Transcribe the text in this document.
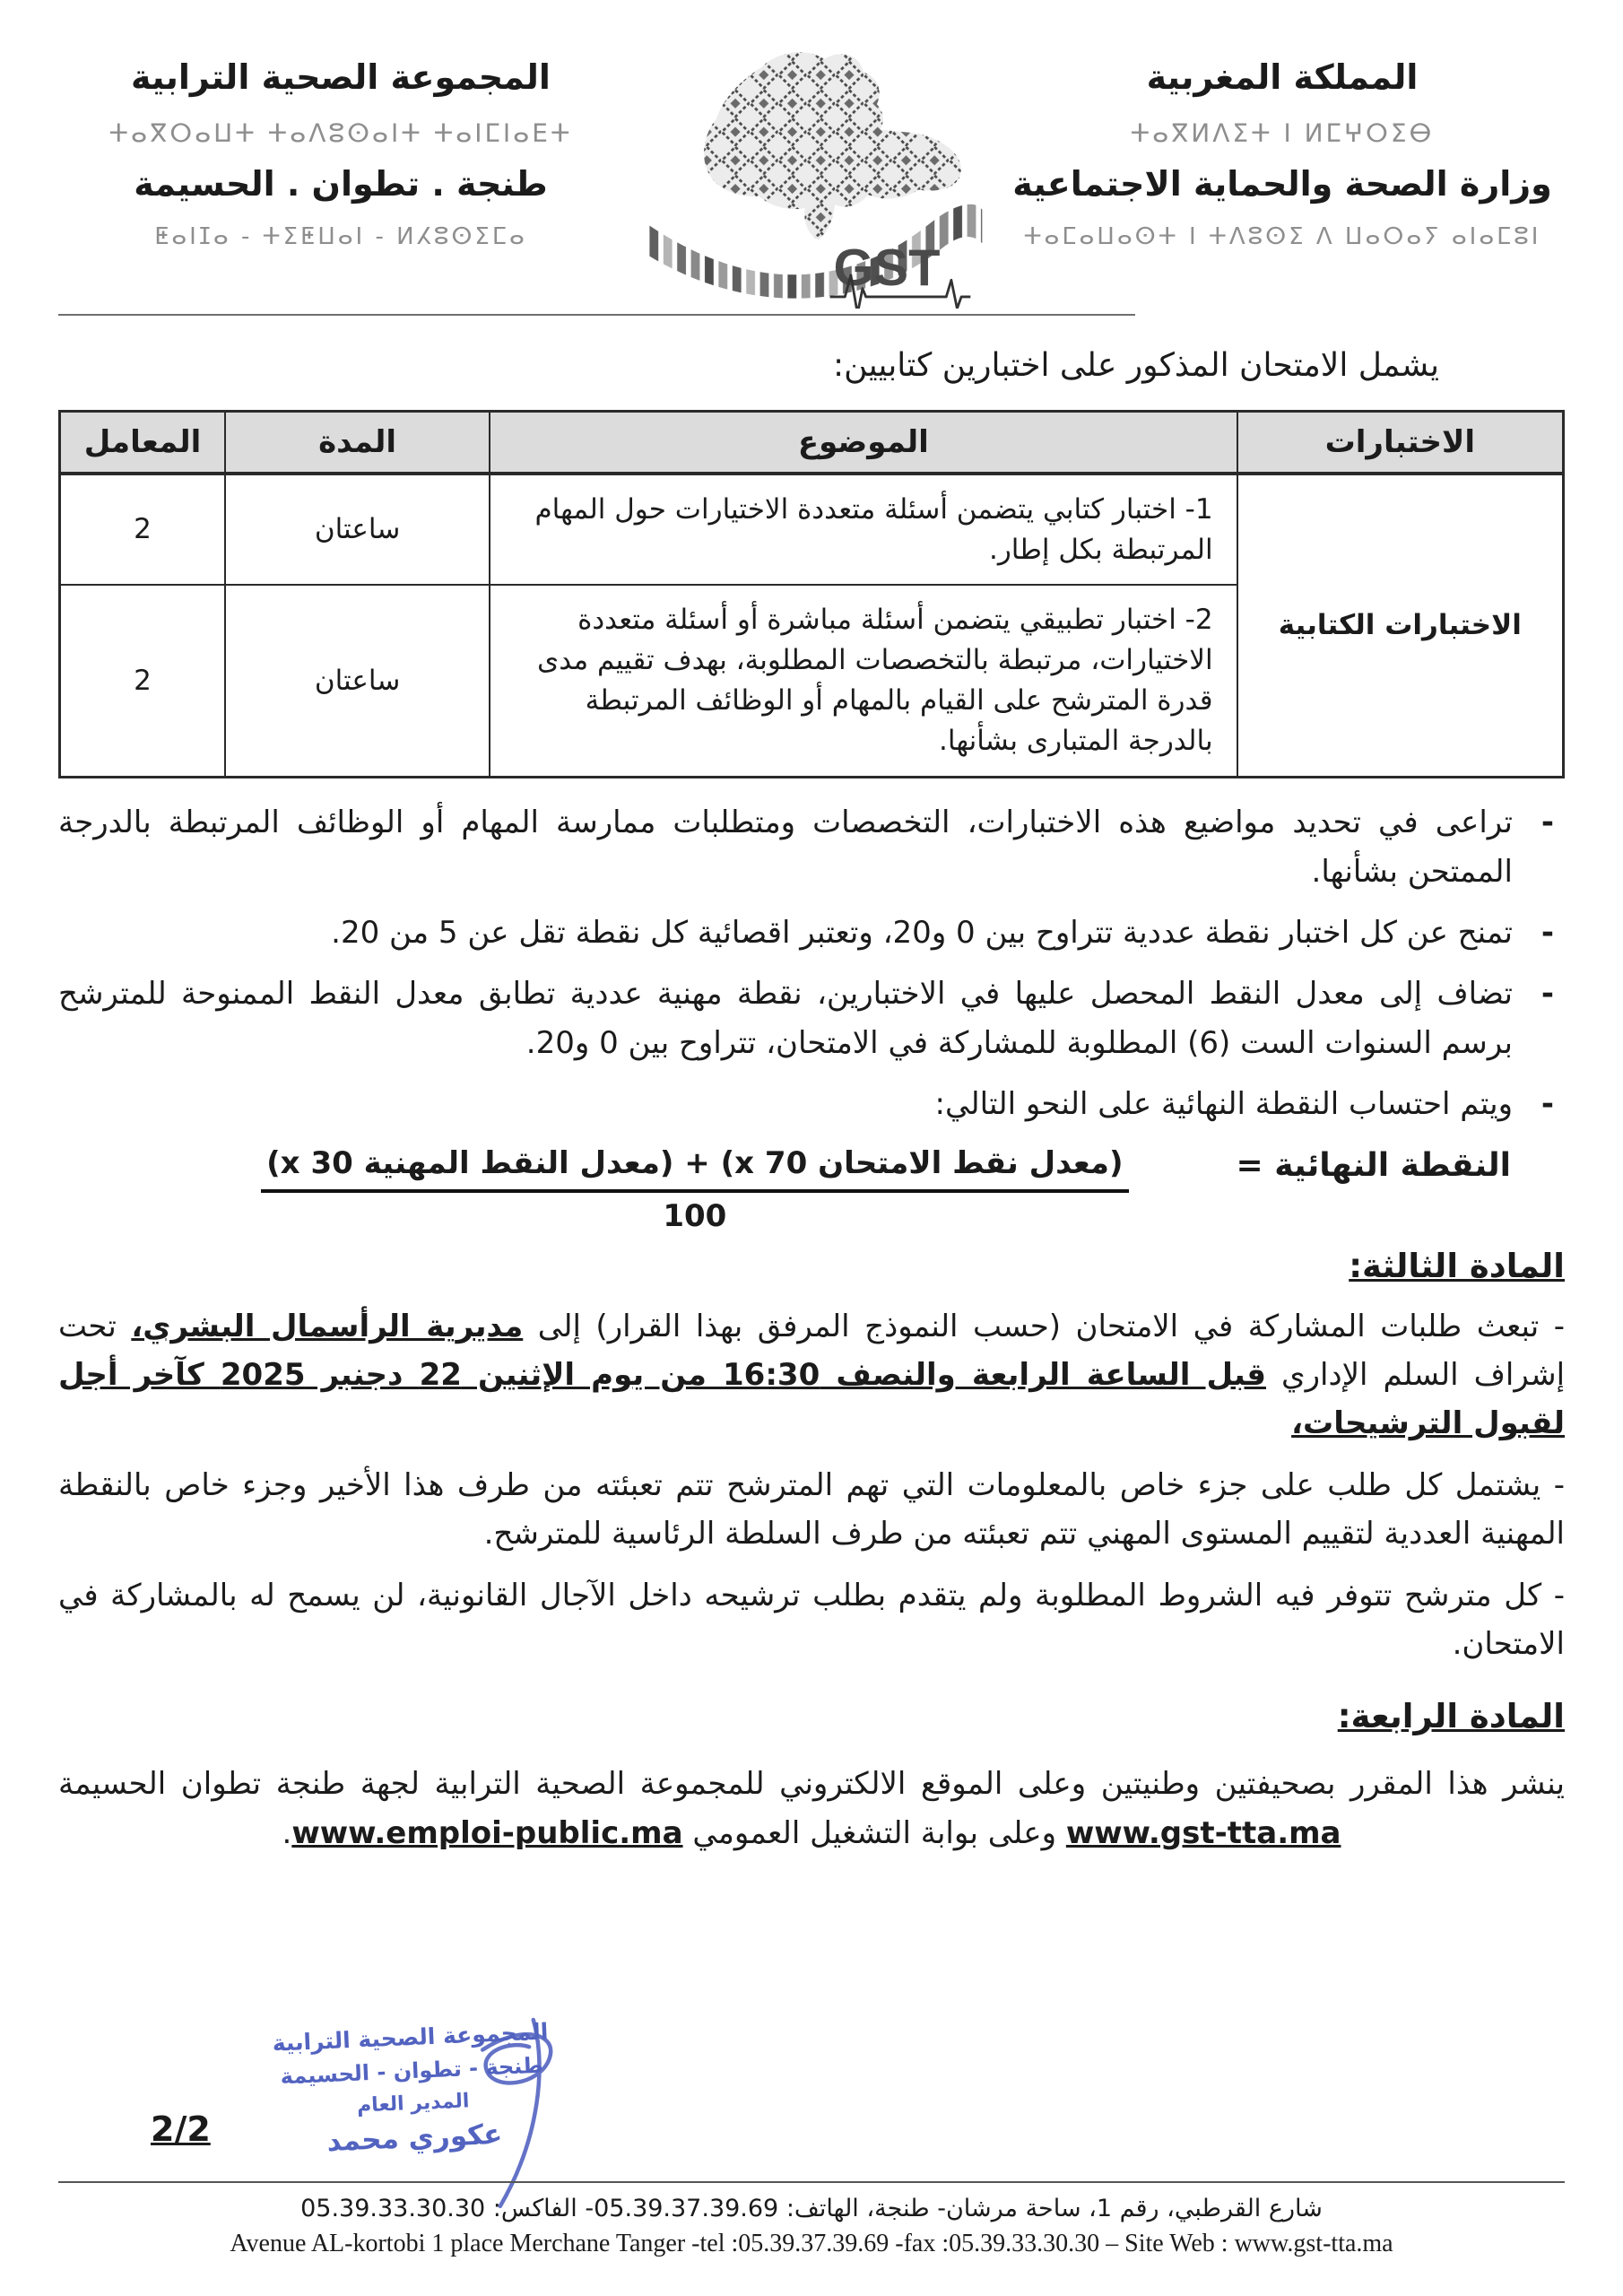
المملكة المغربية
ⵜⴰⴳⵍⴷⵉⵜ ⵏ ⵍⵎⵖⵔⵉⴱ
وزارة الصحة والحماية الاجتماعية
ⵜⴰⵎⴰⵡⴰⵙⵜ ⵏ ⵜⴷⵓⵙⵉ ⴷ ⵡⴰⵔⴰⵢ ⴰⵏⴰⵎⵓⵏ
GST
المجموعة الصحية الترابية
ⵜⴰⴳⵔⴰⵡⵜ ⵜⴰⴷⵓⵙⴰⵏⵜ ⵜⴰⵏⵎⵏⴰⴹⵜ
طنجة . تطوان . الحسيمة
ⵟⴰⵏⵊⴰ - ⵜⵉⵟⵡⴰⵏ - ⵍⵃⵓⵙⵉⵎⴰ
يشمل الامتحان المذكور على اختبارين كتابيين:
الاختبارات	الموضوع	المدة	المعامل
الاختبارات الكتابية	1- اختبار كتابي يتضمن أسئلة متعددة الاختيارات حول المهام المرتبطة بكل إطار.	ساعتان	2
	2- اختبار تطبيقي يتضمن أسئلة مباشرة أو أسئلة متعددة الاختيارات، مرتبطة بالتخصصات المطلوبة، بهدف تقييم مدى قدرة المترشح على القيام بالمهام أو الوظائف المرتبطة بالدرجة المتبارى بشأنها.	ساعتان	2
- تراعى في تحديد مواضيع هذه الاختبارات، التخصصات ومتطلبات ممارسة المهام أو الوظائف المرتبطة بالدرجة الممتحن بشأنها.
- تمنح عن كل اختبار نقطة عددية تتراوح بين 0 و20، وتعتبر اقصائية كل نقطة تقل عن 5 من 20.
- تضاف إلى معدل النقط المحصل عليها في الاختبارين، نقطة مهنية عددية تطابق معدل النقط الممنوحة للمترشح برسم السنوات الست (6) المطلوبة للمشاركة في الامتحان، تتراوح بين 0 و20.
- ويتم احتساب النقطة النهائية على النحو التالي:
النقطة النهائية =
$\frac{\text{(معدل نقط الامتحان 70 x) + (معدل النقط المهنية 30 x)}}{100}$
المادة الثالثة:

- تبعث طلبات المشاركة في الامتحان (حسب النموذج المرفق بهذا القرار) إلى مديرية الرأسمال البشري، تحت إشراف السلم الإداري قبل الساعة الرابعة والنصف 16:30 من يوم الإثنين 22 دجنبر 2025 كآخر أجل لقبول الترشيحات،

- يشتمل كل طلب على جزء خاص بالمعلومات التي تهم المترشح تتم تعبئته من طرف هذا الأخير وجزء خاص بالنقطة المهنية العددية لتقييم المستوى المهني تتم تعبئته من طرف السلطة الرئاسية للمترشح.

- كل مترشح تتوفر فيه الشروط المطلوبة ولم يتقدم بطلب ترشيحه داخل الآجال القانونية، لن يسمح له بالمشاركة في الامتحان.

المادة الرابعة:

ينشر هذا المقرر بصحيفتين وطنيتين وعلى الموقع الالكتروني للمجموعة الصحية الترابية لجهة طنجة تطوان الحسيمة www.gst-tta.ma وعلى بوابة التشغيل العمومي www.emploi-public.ma.

المجموعة الصحية الترابية
طنجة - تطوان - الحسيمة
المدير العام
عكوري محمد
2/2
شارع القرطبي، رقم 1، ساحة مرشان- طنجة، الهاتف: 05.39.37.39.69- الفاكس: 05.39.33.30.30
Avenue AL-kortobi 1 place Merchane Tanger -tel :05.39.37.39.69 -fax :05.39.33.30.30 – Site Web : www.gst-tta.ma
